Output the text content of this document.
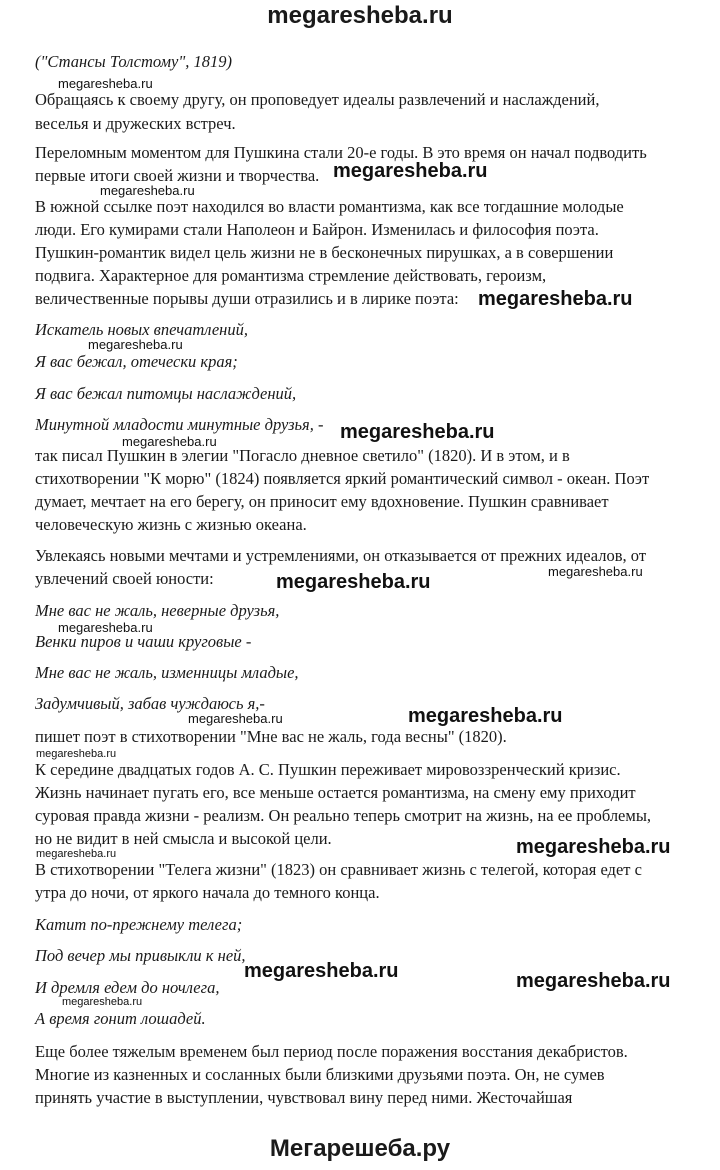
megaresheba.ru
("Стансы Толстому", 1819)
Обращаясь к своему другу, он проповедует идеалы развлечений и наслаждений,
веселья и дружеских встреч.
Переломным моментом для Пушкина стали 20-е годы. В это время он начал подводить
первые итоги своей жизни и творчества.
В южной ссылке поэт находился во власти романтизма, как все тогдашние молодые
люди. Его кумирами стали Наполеон и Байрон. Изменилась и философия поэта.
Пушкин-романтик видел цель жизни не в бесконечных пирушках, а в совершении
подвига. Характерное для романтизма стремление действовать, героизм,
величественные порывы души отразились и в лирике поэта:
Искатель новых впечатлений,
Я вас бежал, отечески края;
Я вас бежал питомцы наслаждений,
Минутной младости минутные друзья, -
так писал Пушкин в элегии "Погасло дневное светило" (1820). И в этом, и в
стихотворении "К морю" (1824) появляется яркий романтический символ - океан. Поэт
думает, мечтает на его берегу, он приносит ему вдохновение. Пушкин сравнивает
человеческую жизнь с жизнью океана.
Увлекаясь новыми мечтами и устремлениями, он отказывается от прежних идеалов, от
увлечений своей юности:
Мне вас не жаль, неверные друзья,
Венки пиров и чаши круговые -
Мне вас не жаль, изменницы младые,
Задумчивый, забав чуждаюсь я,-
пишет поэт в стихотворении "Мне вас не жаль, года весны" (1820).
К середине двадцатых годов А. С. Пушкин переживает мировоззренческий кризис.
Жизнь начинает пугать его, все меньше остается романтизма, на смену ему приходит
суровая правда жизни - реализм. Он реально теперь смотрит на жизнь, на ее проблемы,
но не видит в ней смысла и высокой цели.
В стихотворении "Телега жизни" (1823) он сравнивает жизнь с телегой, которая едет с
утра до ночи, от яркого начала до темного конца.
Катит по-прежнему телега;
Под вечер мы привыкли к ней,
И дремля едем до ночлега,
А время гонит лошадей.
Еще более тяжелым временем был период после поражения восстания декабристов.
Многие из казненных и сосланных были близкими друзьями поэта. Он, не сумев
принять участие в выступлении, чувствовал вину перед ними. Жесточайшая
megaresheba.ru
megaresheba.ru
megaresheba.ru
megaresheba.ru
megaresheba.ru
megaresheba.ru	megaresheba.ru
megaresheba.ru
megaresheba.ru
megaresheba.ru
megaresheba.ru	megaresheba.ru
megaresheba.ru
megaresheba.ru
megaresheba.ru
megaresheba.ru	megaresheba.ru
megaresheba.ru
Мегарешеба.ру
